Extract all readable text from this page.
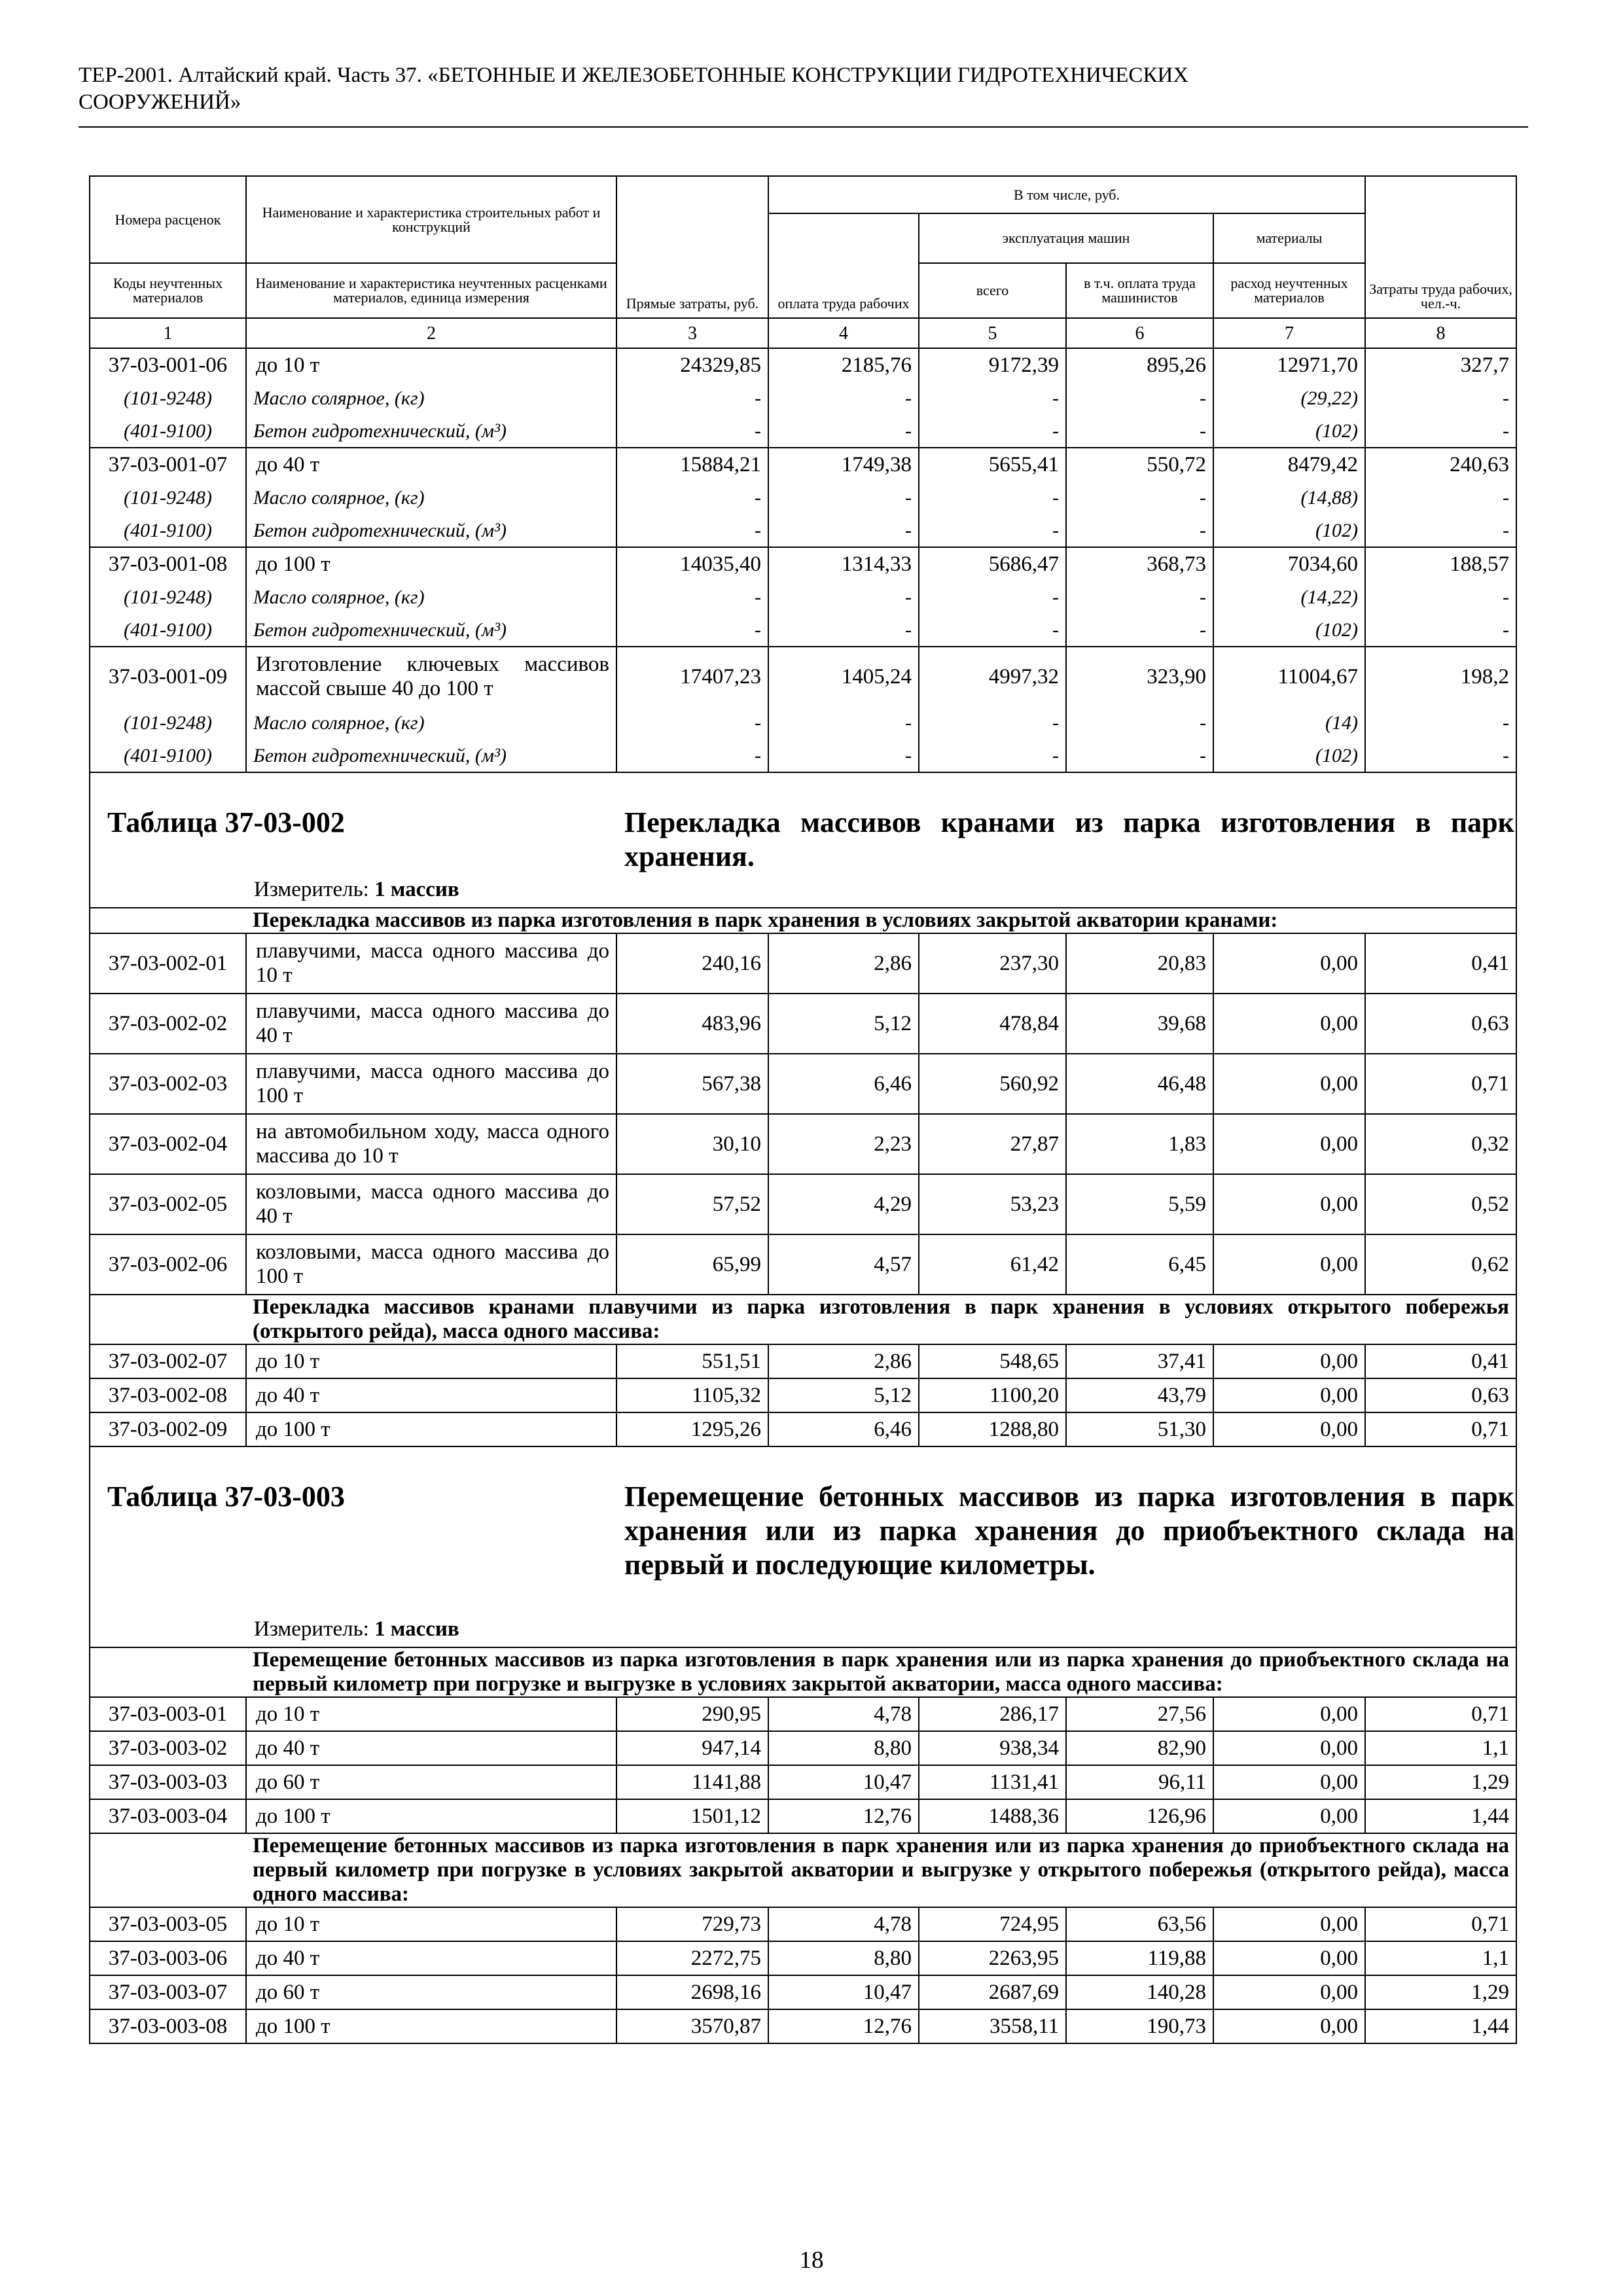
ТЕР-2001. Алтайский край. Часть 37. «БЕТОННЫЕ И ЖЕЛЕЗОБЕТОННЫЕ КОНСТРУКЦИИ ГИДРОТЕХНИЧЕСКИХ
СООРУЖЕНИЙ»
Номера расценок	Наименование и характеристика строительных работ и конструкций	Прямые затраты, руб.	В том числе, руб.				Затраты труда рабочих, чел.-ч.
			оплата труда рабочих	эксплуатация машин		материалы	
Коды неучтенных материалов	Наименование и характеристика неучтенных расценками материалов, единица измерения			всего	в т.ч. оплата труда машинистов	расход неучтенных материалов	
1	2	3	4	5	6	7	8
37-03-001-06	до 10 т	24329,85	2185,76	9172,39	895,26	12971,70	327,7
(101-9248)	Масло солярное, (кг)	-	-	-	-	(29,22)	-
(401-9100)	Бетон гидротехнический, (м³)	-	-	-	-	(102)	-
37-03-001-07	до 40 т	15884,21	1749,38	5655,41	550,72	8479,42	240,63
(101-9248)	Масло солярное, (кг)	-	-	-	-	(14,88)	-
(401-9100)	Бетон гидротехнический, (м³)	-	-	-	-	(102)	-
37-03-001-08	до 100 т	14035,40	1314,33	5686,47	368,73	7034,60	188,57
(101-9248)	Масло солярное, (кг)	-	-	-	-	(14,22)	-
(401-9100)	Бетон гидротехнический, (м³)	-	-	-	-	(102)	-
37-03-001-09	Изготовление ключевых массивов массой свыше 40 до 100 т	17407,23	1405,24	4997,32	323,90	11004,67	198,2
(101-9248)	Масло солярное, (кг)	-	-	-	-	(14)	-
(401-9100)	Бетон гидротехнический, (м³)	-	-	-	-	(102)	-

Таблица 37-03-002 Перекладка массивов кранами из парка изготовления в парк хранения.
Измеритель: 1 массив							

	Перекладка массивов из парка изготовления в парк хранения в условиях закрытой акватории кранами:						
37-03-002-01	плавучими, масса одного массива до 10 т	240,16	2,86	237,30	20,83	0,00	0,41
37-03-002-02	плавучими, масса одного массива до 40 т	483,96	5,12	478,84	39,68	0,00	0,63
37-03-002-03	плавучими, масса одного массива до 100 т	567,38	6,46	560,92	46,48	0,00	0,71
37-03-002-04	на автомобильном ходу, масса одного массива до 10 т	30,10	2,23	27,87	1,83	0,00	0,32
37-03-002-05	козловыми, масса одного массива до 40 т	57,52	4,29	53,23	5,59	0,00	0,52
37-03-002-06	козловыми, масса одного массива до 100 т	65,99	4,57	61,42	6,45	0,00	0,62
	Перекладка массивов кранами плавучими из парка изготовления в парк хранения в условиях открытого побережья (открытого рейда), масса одного массива:						
37-03-002-07	до 10 т	551,51	2,86	548,65	37,41	0,00	0,41
37-03-002-08	до 40 т	1105,32	5,12	1100,20	43,79	0,00	0,63
37-03-002-09	до 100 т	1295,26	6,46	1288,80	51,30	0,00	0,71

Таблица 37-03-003 Перемещение бетонных массивов из парка изготовления в парк хранения или из парка хранения до приобъектного склада на первый и последующие километры.
Измеритель: 1 массив							

	Перемещение бетонных массивов из парка изготовления в парк хранения или из парка хранения до приобъектного склада на первый километр при погрузке и выгрузке в условиях закрытой акватории, масса одного массива:						
37-03-003-01	до 10 т	290,95	4,78	286,17	27,56	0,00	0,71
37-03-003-02	до 40 т	947,14	8,80	938,34	82,90	0,00	1,1
37-03-003-03	до 60 т	1141,88	10,47	1131,41	96,11	0,00	1,29
37-03-003-04	до 100 т	1501,12	12,76	1488,36	126,96	0,00	1,44
	Перемещение бетонных массивов из парка изготовления в парк хранения или из парка хранения до приобъектного склада на первый километр при погрузке в условиях закрытой акватории и выгрузке у открытого побережья (открытого рейда), масса одного массива:						
37-03-003-05	до 10 т	729,73	4,78	724,95	63,56	0,00	0,71
37-03-003-06	до 40 т	2272,75	8,80	2263,95	119,88	0,00	1,1
37-03-003-07	до 60 т	2698,16	10,47	2687,69	140,28	0,00	1,29
37-03-003-08	до 100 т	3570,87	12,76	3558,11	190,73	0,00	1,44
18
